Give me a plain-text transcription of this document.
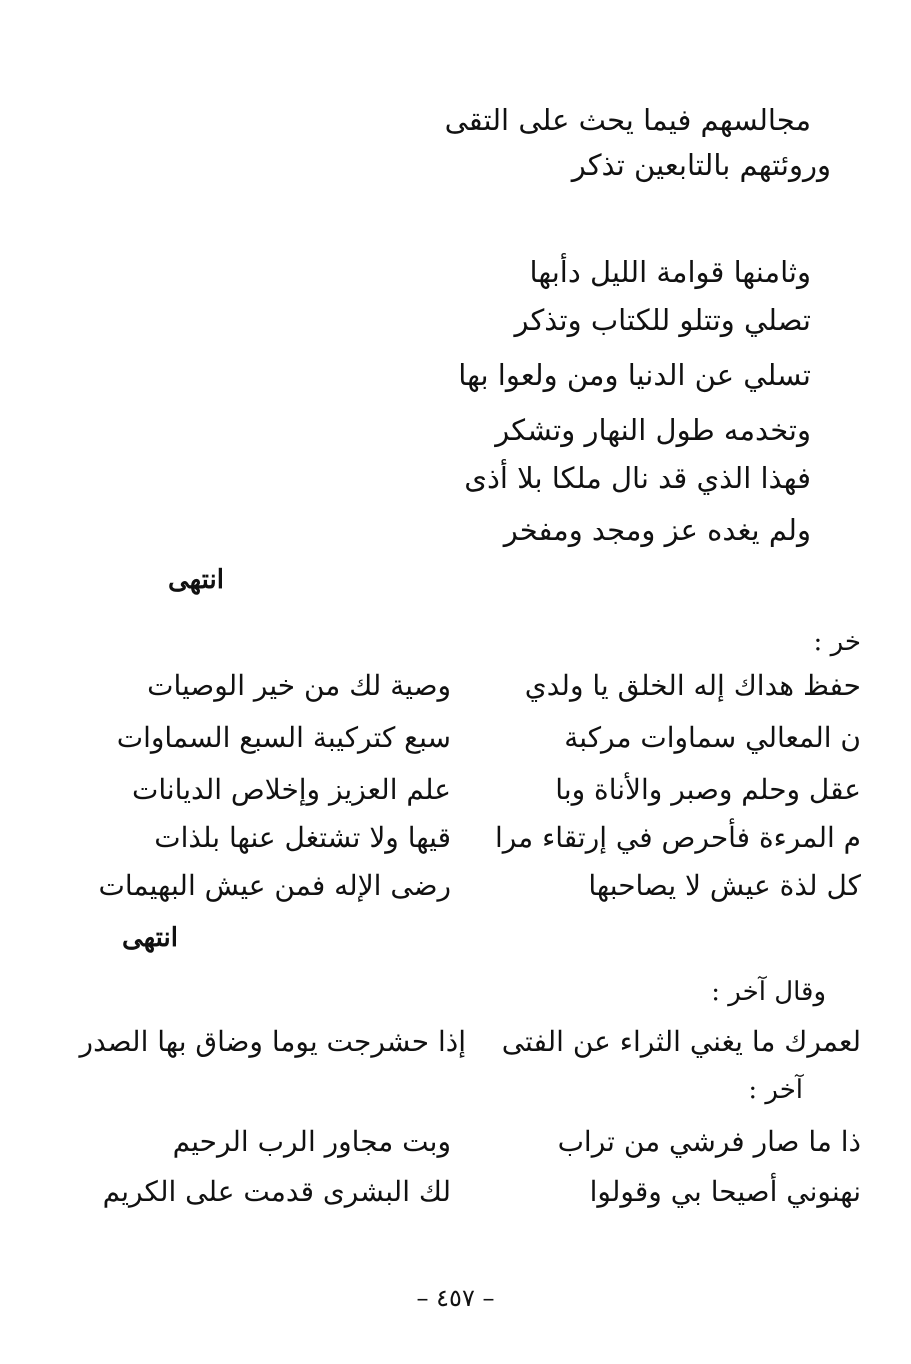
مجالسهم فيما يحث على التقى
وروئتهم بالتابعين تذكر
وثامنها قوامة الليل دأبها
تصلي وتتلو للكتاب وتذكر
تسلي عن الدنيا ومن ولعوا بها
وتخدمه طول النهار وتشكر
فهذا الذي قد نال ملكا بلا أذى
ولم يغده عز ومجد ومفخر
انتهى
خر :
حفظ هداك إله الخلق يا ولدي
وصية لك من خير الوصيات
ن المعالي سماوات مركبة
سبع كتركيبة السبع السماوات
عقل وحلم وصبر والأناة وبا
علم العزيز وإخلاص الديانات
م المرءة فأحرص في إرتقاء مرا
قيها ولا تشتغل عنها بلذات
كل لذة عيش لا يصاحبها
رضى الإله فمن عيش البهيمات
انتهى
وقال آخر :
لعمرك ما يغني الثراء عن الفتى
إذا حشرجت يوما وضاق بها الصدر
آخر :
ذا ما صار فرشي من تراب
وبت مجاور الرب الرحيم
نهنوني أصيحا بي وقولوا
لك البشرى قدمت على الكريم
– ٤٥٧ –
